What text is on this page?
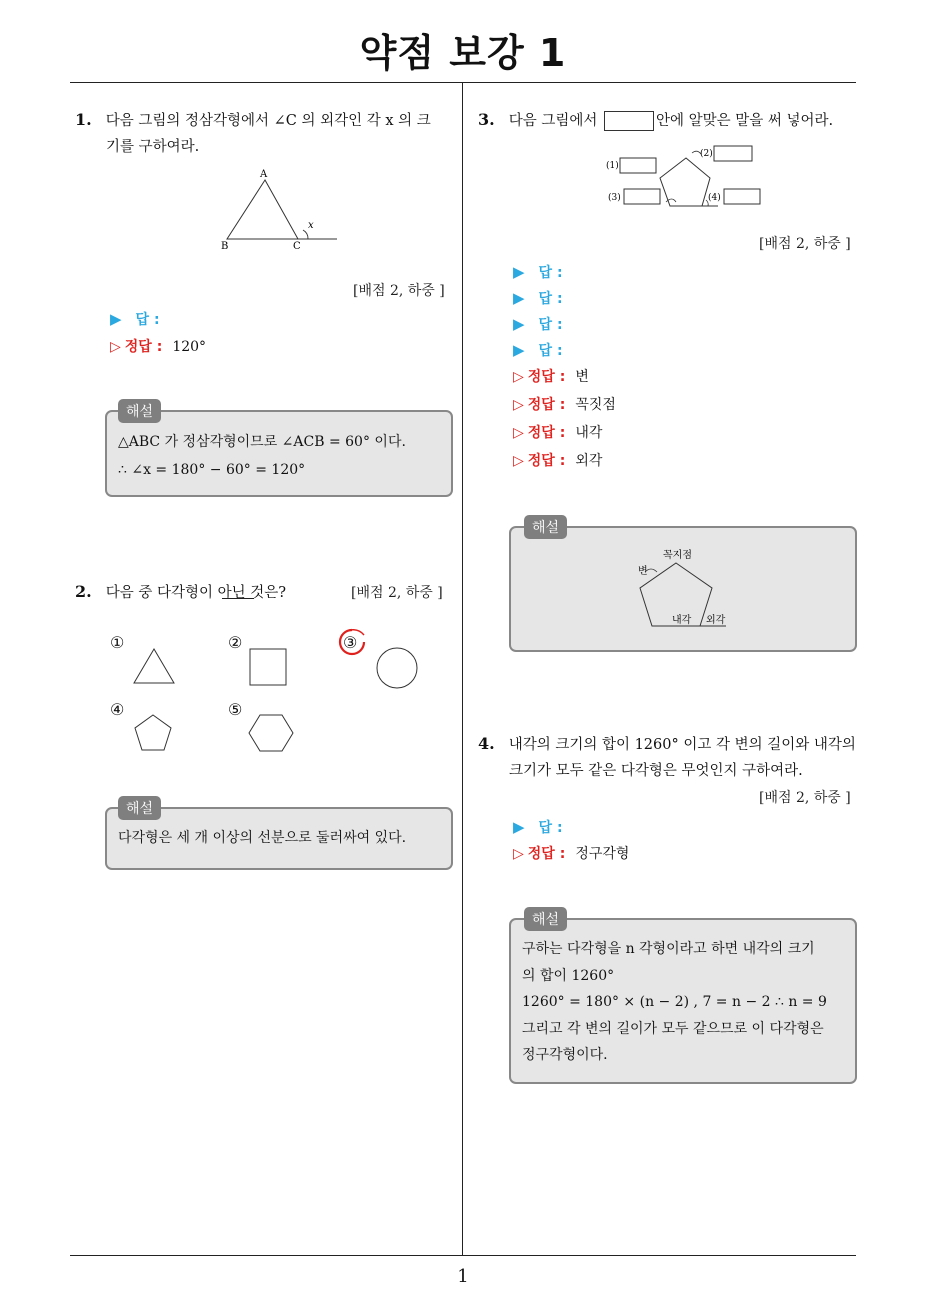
약점 보강 1
1
1. 다음 그림의 정삼각형에서 ∠C 의 외각인 각 x 의 크
기를 구하여라.
A
B	C
x
[배점 2, 하중 ]
▶ 답 :
▷ 정답 : 120°
해설
△ABC 가 정삼각형이므로 ∠ACB = 60° 이다.
∴ ∠x = 180° − 60° = 120°
2. 다음 중 다각형이 아닌 것은?	[배점 2, 하중 ]
①	②	③
④	⑤
해설
다각형은 세 개 이상의 선분으로 둘러싸여 있다.
3. 다음 그림에서	안에 알맞은 말을 써 넣어라.
(1)
(2)
(3)	(4)
[배점 2, 하중 ]
▶ 답 :
▶ 답 :
▶ 답 :
▶ 답 :
▷ 정답 : 변
▷ 정답 : 꼭짓점
▷ 정답 : 내각
▷ 정답 : 외각
해설
꼭지점
변
내각 외각
4. 내각의 크기의 합이 1260° 이고 각 변의 길이와 내각의
크기가 모두 같은 다각형은 무엇인지 구하여라.
[배점 2, 하중 ]
▶ 답 :
▷ 정답 : 정구각형
해설
구하는 다각형을 n 각형이라고 하면 내각의 크기
의 합이 1260°
1260° = 180° × (n − 2) , 7 = n − 2 ∴ n = 9
그리고 각 변의 길이가 모두 같으므로 이 다각형은
정구각형이다.
